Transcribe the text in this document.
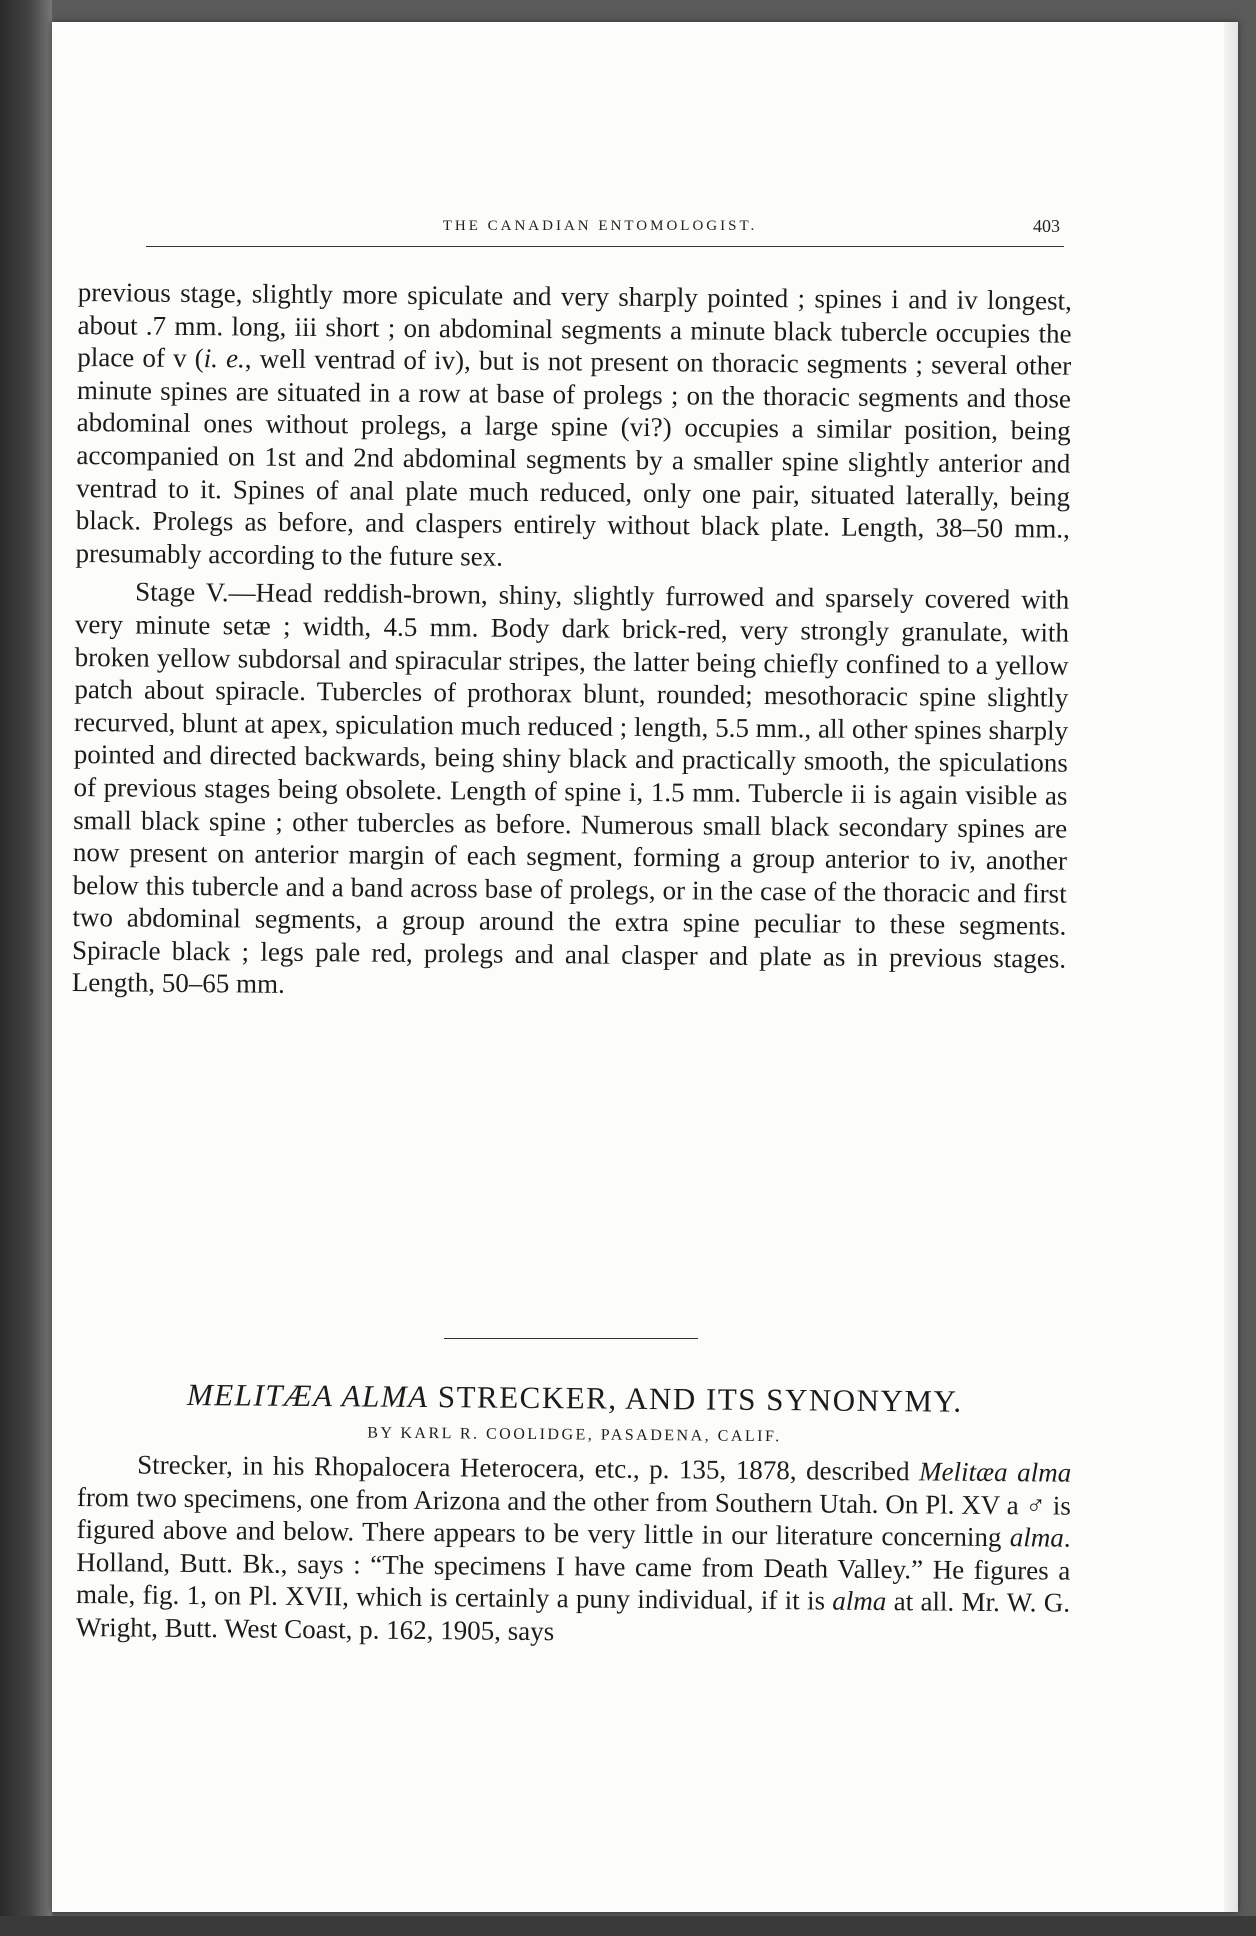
THE CANADIAN ENTOMOLOGIST.	403

previous stage, slightly more spiculate and very sharply pointed ; spines i and iv longest, about .7 mm. long, iii short ; on abdominal segments a minute black tubercle occupies the place of v (i. e., well ventrad of iv), but is not present on thoracic segments ; several other minute spines are situated in a row at base of prolegs ; on the thoracic segments and those abdominal ones without prolegs, a large spine (vi?) occupies a similar position, being accompanied on 1st and 2nd abdominal segments by a smaller spine slightly anterior and ventrad to it. Spines of anal plate much reduced, only one pair, situated laterally, being black. Prolegs as before, and claspers entirely without black plate. Length, 38–50 mm., presumably according to the future sex.

Stage V.—Head reddish-brown, shiny, slightly furrowed and sparsely covered with very minute setæ ; width, 4.5 mm. Body dark brick-red, very strongly granulate, with broken yellow subdorsal and spiracular stripes, the latter being chiefly confined to a yellow patch about spiracle. Tubercles of prothorax blunt, rounded; mesothoracic spine slightly recurved, blunt at apex, spiculation much reduced ; length, 5.5 mm., all other spines sharply pointed and directed backwards, being shiny black and practically smooth, the spiculations of previous stages being obsolete. Length of spine i, 1.5 mm. Tubercle ii is again visible as small black spine ; other tubercles as before. Numerous small black secondary spines are now present on anterior margin of each segment, forming a group anterior to iv, another below this tubercle and a band across base of prolegs, or in the case of the thoracic and first two abdominal segments, a group around the extra spine peculiar to these segments. Spiracle black ; legs pale red, prolegs and anal clasper and plate as in previous stages. Length, 50–65 mm.

MELITÆA ALMA STRECKER, AND ITS SYNONYMY.
BY KARL R. COOLIDGE, PASADENA, CALIF.

Strecker, in his Rhopalocera Heterocera, etc., p. 135, 1878, described Melitæa alma from two specimens, one from Arizona and the other from Southern Utah. On Pl. XV a ♂ is figured above and below. There appears to be very little in our literature concerning alma. Holland, Butt. Bk., says : “The specimens I have came from Death Valley.” He figures a male, fig. 1, on Pl. XVII, which is certainly a puny individual, if it is alma at all. Mr. W. G. Wright, Butt. West Coast, p. 162, 1905, says
